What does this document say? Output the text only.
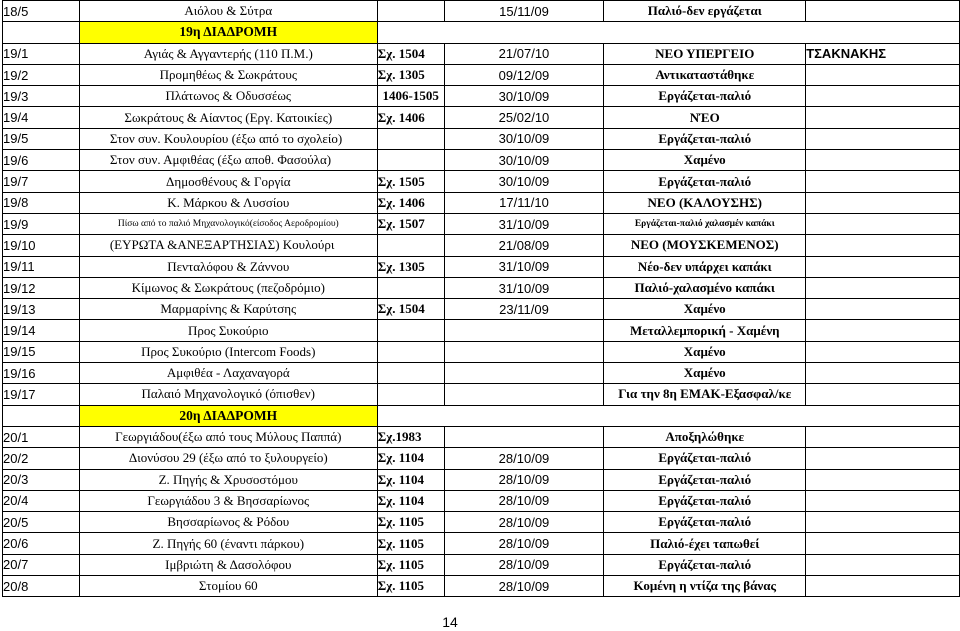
18/5	Αιόλου & Σύτρα		15/11/09	Παλιό-δεν εργάζεται	
	19η ΔΙΑΔΡΟΜΗ				
19/1	Αγιάς & Αγγαντερής (110 Π.Μ.)	Σχ. 1504	21/07/10	ΝΕΟ ΥΠΕΡΓΕΙΟ	ΤΣΑΚΝΑΚΗΣ
19/2	Προμηθέως & Σωκράτους	Σχ. 1305	09/12/09	Αντικαταστάθηκε	
19/3	Πλάτωνος & Οδυσσέως	1406-1505	30/10/09	Εργάζεται-παλιό	
19/4	Σωκράτους & Αίαντος (Εργ. Κατοικίες)	Σχ. 1406	25/02/10	ΝΈΟ	
19/5	Στον συν. Κουλουρίου (έξω από το σχολείο)		30/10/09	Εργάζεται-παλιό	
19/6	Στον συν. Αμφιθέας (έξω αποθ. Φασούλα)		30/10/09	Χαμένο	
19/7	Δημοσθένους & Γοργία	Σχ. 1505	30/10/09	Εργάζεται-παλιό	
19/8	Κ. Μάρκου & Λυσσίου	Σχ. 1406	17/11/10	ΝΕΟ (ΚΑΛΟΥΣΗΣ)	
19/9	Πίσω από το παλιό Μηχανολογικό(είσοδος Αεροδρομίου)	Σχ. 1507	31/10/09	Εργάζεται-παλιό χαλασμέν καπάκι	
19/10	(ΕΥΡΩΤΑ &ΑΝΕΞΑΡΤΗΣΙΑΣ) Κουλούρι		21/08/09	ΝΕΟ (ΜΟΥΣΚΕΜΕΝΟΣ)	
19/11	Πενταλόφου & Ζάννου	Σχ. 1305	31/10/09	Νέο-δεν υπάρχει καπάκι	
19/12	Κίμωνος & Σωκράτους (πεζοδρόμιο)		31/10/09	Παλιό-χαλασμένο καπάκι	
19/13	Μαρμαρίνης & Καρύτσης	Σχ. 1504	23/11/09	Χαμένο	
19/14	Προς Συκούριο			Μεταλλεμπορική - Χαμένη	
19/15	Προς Συκούριο (Intercom Foods)			Χαμένο	
19/16	Αμφιθέα - Λαχαναγορά			Χαμένο	
19/17	Παλαιό Μηχανολογικό (όπισθεν)			Για την 8η ΕΜΑΚ-Εξασφαλ/κε	
	20η ΔΙΑΔΡΟΜΗ				
20/1	Γεωργιάδου(έξω από τους Μύλους Παππά)	Σχ.1983		Αποξηλώθηκε	
20/2	Διονύσου 29 (έξω από το ξυλουργείο)	Σχ. 1104	28/10/09	Εργάζεται-παλιό	
20/3	Ζ. Πηγής & Χρυσοστόμου	Σχ. 1104	28/10/09	Εργάζεται-παλιό	
20/4	Γεωργιάδου 3 & Βησσαρίωνος	Σχ. 1104	28/10/09	Εργάζεται-παλιό	
20/5	Βησσαρίωνος & Ρόδου	Σχ. 1105	28/10/09	Εργάζεται-παλιό	
20/6	Ζ. Πηγής 60 (έναντι πάρκου)	Σχ. 1105	28/10/09	Παλιό-έχει ταπωθεί	
20/7	Ιμβριώτη & Δασολόφου	Σχ. 1105	28/10/09	Εργάζεται-παλιό	
20/8	Στομίου 60	Σχ. 1105	28/10/09	Κομένη η ντίζα της βάνας	
14
